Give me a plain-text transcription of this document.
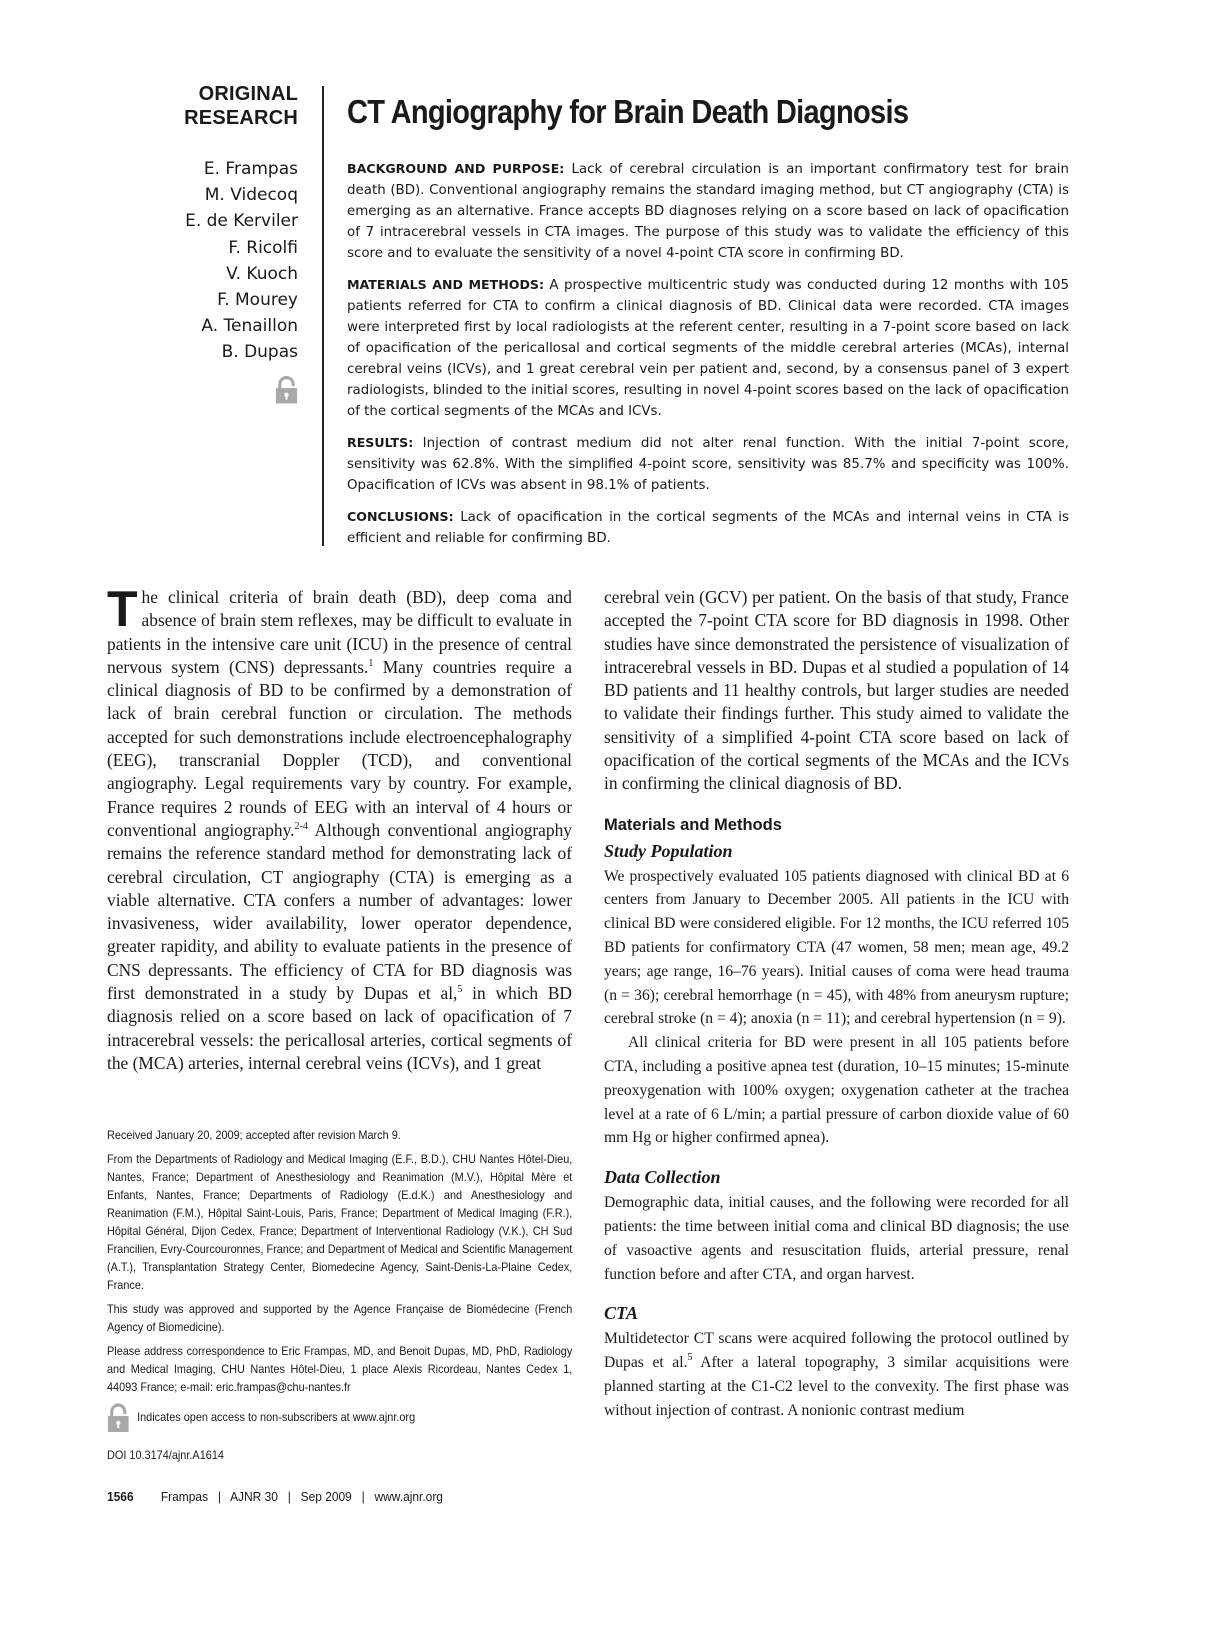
ORIGINAL
RESEARCH CT Angiography for Brain Death Diagnosis
E. Frampas
M. Videcoq
E. de Kerviler
F. Ricolfi
V. Kuoch
F. Mourey
A. Tenaillon
B. Dupas

BACKGROUND AND PURPOSE: Lack of cerebral circulation is an important confirmatory test for brain death (BD). Conventional angiography remains the standard imaging method, but CT angiography (CTA) is emerging as an alternative. France accepts BD diagnoses relying on a score based on lack of opacification of 7 intracerebral vessels in CTA images. The purpose of this study was to validate the efficiency of this score and to evaluate the sensitivity of a novel 4-point CTA score in confirming BD.

MATERIALS AND METHODS: A prospective multicentric study was conducted during 12 months with 105 patients referred for CTA to confirm a clinical diagnosis of BD. Clinical data were recorded. CTA images were interpreted first by local radiologists at the referent center, resulting in a 7-point score based on lack of opacification of the pericallosal and cortical segments of the middle cerebral arteries (MCAs), internal cerebral veins (ICVs), and 1 great cerebral vein per patient and, second, by a consensus panel of 3 expert radiologists, blinded to the initial scores, resulting in novel 4-point scores based on the lack of opacification of the cortical segments of the MCAs and ICVs.

RESULTS: Injection of contrast medium did not alter renal function. With the initial 7-point score, sensitivity was 62.8%. With the simplified 4-point score, sensitivity was 85.7% and specificity was 100%. Opacification of ICVs was absent in 98.1% of patients.

CONCLUSIONS: Lack of opacification in the cortical segments of the MCAs and internal veins in CTA is efficient and reliable for confirming BD.

The clinical criteria of brain death (BD), deep coma and absence of brain stem reflexes, may be difficult to evaluate in patients in the intensive care unit (ICU) in the presence of central nervous system (CNS) depressants.$^1$ Many countries require a clinical diagnosis of BD to be confirmed by a demonstration of lack of brain cerebral function or circulation. The methods accepted for such demonstrations include electroencephalography (EEG), transcranial Doppler (TCD), and conventional angiography. Legal requirements vary by country. For example, France requires 2 rounds of EEG with an interval of 4 hours or conventional angiography.$^{2-4}$ Although conventional angiography remains the reference standard method for demonstrating lack of cerebral circulation, CT angiography (CTA) is emerging as a viable alternative. CTA confers a number of advantages: lower invasiveness, wider availability, lower operator dependence, greater rapidity, and ability to evaluate patients in the presence of CNS depressants. The efficiency of CTA for BD diagnosis was first demonstrated in a study by Dupas et al,$^5$ in which BD diagnosis relied on a score based on lack of opacification of 7 intracerebral vessels: the pericallosal arteries, cortical segments of the (MCA) arteries, internal cerebral veins (ICVs), and 1 great

Received January 20, 2009; accepted after revision March 9.

From the Departments of Radiology and Medical Imaging (E.F., B.D.), CHU Nantes Hôtel-Dieu, Nantes, France; Department of Anesthesiology and Reanimation (M.V.), Hôpital Mère et Enfants, Nantes, France; Departments of Radiology (E.d.K.) and Anesthesiology and Reanimation (F.M.), Hôpital Saint-Louis, Paris, France; Department of Medical Imaging (F.R.), Hôpital Général, Dijon Cedex, France; Department of Interventional Radiology (V.K.), CH Sud Francilien, Evry-Courcouronnes, France; and Department of Medical and Scientific Management (A.T.), Transplantation Strategy Center, Biomedecine Agency, Saint-Denis-La-Plaine Cedex, France.

This study was approved and supported by the Agence Française de Biomédecine (French Agency of Biomedicine).

Please address correspondence to Eric Frampas, MD, and Benoit Dupas, MD, PhD, Radiology and Medical Imaging, CHU Nantes Hôtel-Dieu, 1 place Alexis Ricordeau, Nantes Cedex 1, 44093 France; e-mail: eric.frampas@chu-nantes.fr

Indicates open access to non-subscribers at www.ajnr.org
DOI 10.3174/ajnr.A1614

cerebral vein (GCV) per patient. On the basis of that study, France accepted the 7-point CTA score for BD diagnosis in 1998. Other studies have since demonstrated the persistence of visualization of intracerebral vessels in BD. Dupas et al studied a population of 14 BD patients and 11 healthy controls, but larger studies are needed to validate their findings further. This study aimed to validate the sensitivity of a simplified 4-point CTA score based on lack of opacification of the cortical segments of the MCAs and the ICVs in confirming the clinical diagnosis of BD.

Materials and Methods
Study Population

We prospectively evaluated 105 patients diagnosed with clinical BD at 6 centers from January to December 2005. All patients in the ICU with clinical BD were considered eligible. For 12 months, the ICU referred 105 BD patients for confirmatory CTA (47 women, 58 men; mean age, 49.2 years; age range, 16–76 years). Initial causes of coma were head trauma (n = 36); cerebral hemorrhage (n = 45), with 48% from aneurysm rupture; cerebral stroke (n = 4); anoxia (n = 11); and cerebral hypertension (n = 9).

All clinical criteria for BD were present in all 105 patients before CTA, including a positive apnea test (duration, 10–15 minutes; 15-minute preoxygenation with 100% oxygen; oxygenation catheter at the trachea level at a rate of 6 L/min; a partial pressure of carbon dioxide value of 60 mm Hg or higher confirmed apnea).

Data Collection

Demographic data, initial causes, and the following were recorded for all patients: the time between initial coma and clinical BD diagnosis; the use of vasoactive agents and resuscitation fluids, arterial pressure, renal function before and after CTA, and organ harvest.

CTA

Multidetector CT scans were acquired following the protocol outlined by Dupas et al.$^5$ After a lateral topography, 3 similar acquisitions were planned starting at the C1-C2 level to the convexity. The first phase was without injection of contrast. A nonionic contrast medium

1566 Frampas | AJNR 30 | Sep 2009 | www.ajnr.org
